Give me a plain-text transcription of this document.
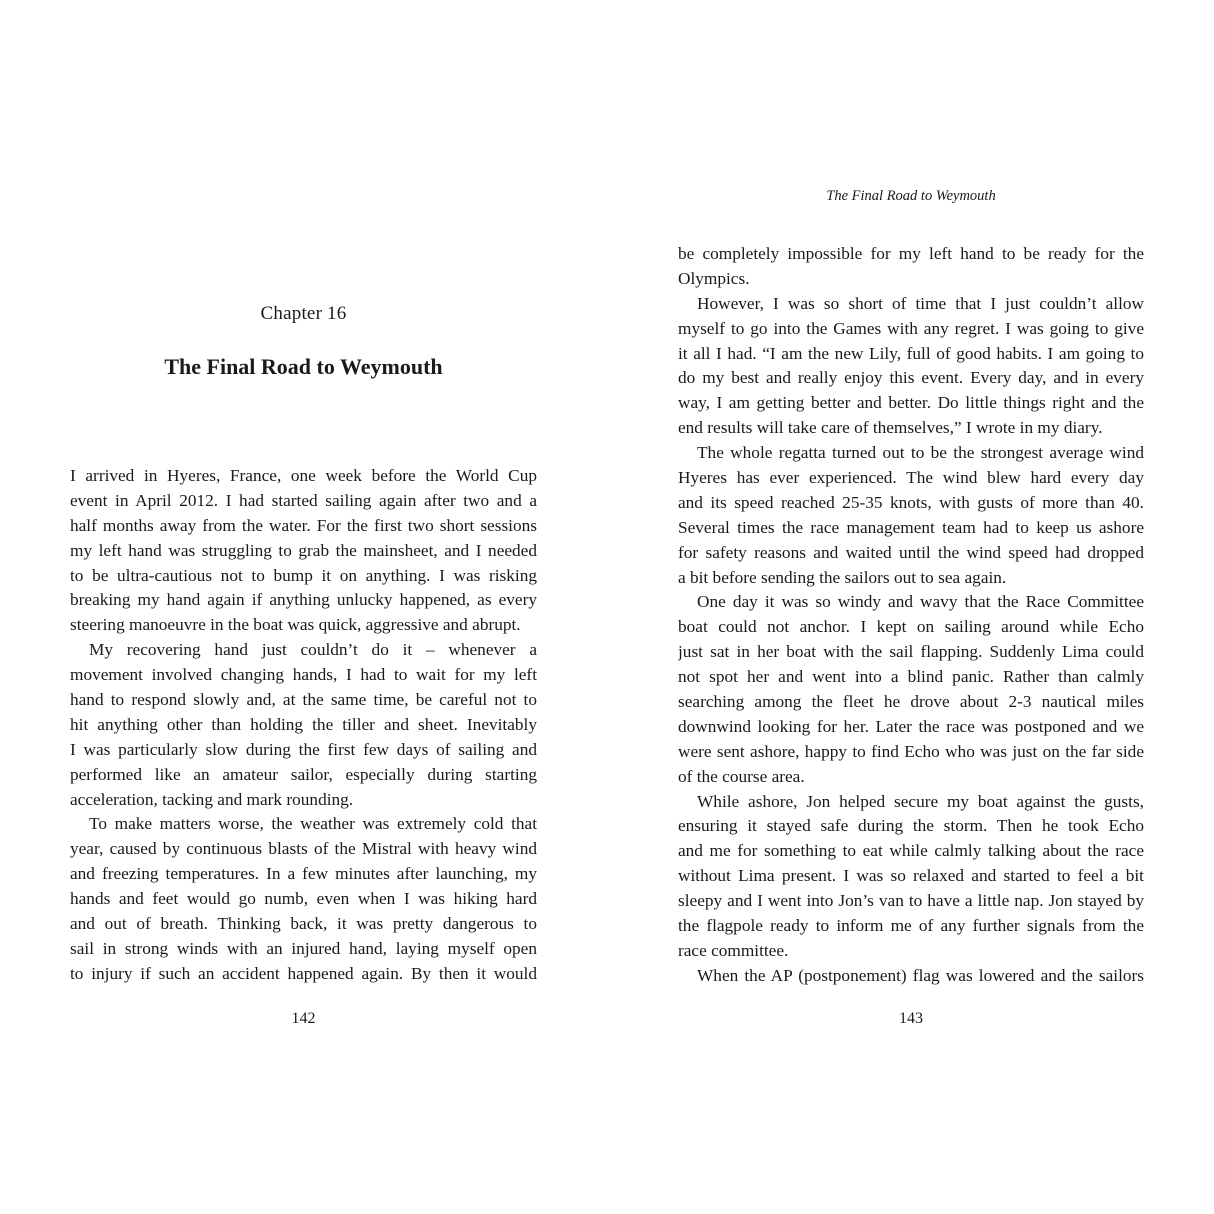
Chapter 16
The Final Road to Weymouth
I arrived in Hyeres, France, one week before the World Cup
event in April 2012. I had started sailing again after two and a
half months away from the water. For the first two short sessions
my left hand was struggling to grab the mainsheet, and I needed
to be ultra-cautious not to bump it on anything. I was risking
breaking my hand again if anything unlucky happened, as every
steering manoeuvre in the boat was quick, aggressive and abrupt.
My recovering hand just couldn’t do it – whenever a
movement involved changing hands, I had to wait for my left
hand to respond slowly and, at the same time, be careful not to
hit anything other than holding the tiller and sheet. Inevitably
I was particularly slow during the first few days of sailing and
performed like an amateur sailor, especially during starting
acceleration, tacking and mark rounding.
To make matters worse, the weather was extremely cold that
year, caused by continuous blasts of the Mistral with heavy wind
and freezing temperatures. In a few minutes after launching, my
hands and feet would go numb, even when I was hiking hard
and out of breath. Thinking back, it was pretty dangerous to
sail in strong winds with an injured hand, laying myself open
to injury if such an accident happened again. By then it would
142
The Final Road to Weymouth
be completely impossible for my left hand to be ready for the
Olympics.
However, I was so short of time that I just couldn’t allow
myself to go into the Games with any regret. I was going to give
it all I had. “I am the new Lily, full of good habits. I am going to
do my best and really enjoy this event. Every day, and in every
way, I am getting better and better. Do little things right and the
end results will take care of themselves,” I wrote in my diary.
The whole regatta turned out to be the strongest average wind
Hyeres has ever experienced. The wind blew hard every day
and its speed reached 25-35 knots, with gusts of more than 40.
Several times the race management team had to keep us ashore
for safety reasons and waited until the wind speed had dropped
a bit before sending the sailors out to sea again.
One day it was so windy and wavy that the Race Committee
boat could not anchor. I kept on sailing around while Echo
just sat in her boat with the sail flapping. Suddenly Lima could
not spot her and went into a blind panic. Rather than calmly
searching among the fleet he drove about 2-3 nautical miles
downwind looking for her. Later the race was postponed and we
were sent ashore, happy to find Echo who was just on the far side
of the course area.
While ashore, Jon helped secure my boat against the gusts,
ensuring it stayed safe during the storm. Then he took Echo
and me for something to eat while calmly talking about the race
without Lima present. I was so relaxed and started to feel a bit
sleepy and I went into Jon’s van to have a little nap. Jon stayed by
the flagpole ready to inform me of any further signals from the
race committee.
When the AP (postponement) flag was lowered and the sailors
143
